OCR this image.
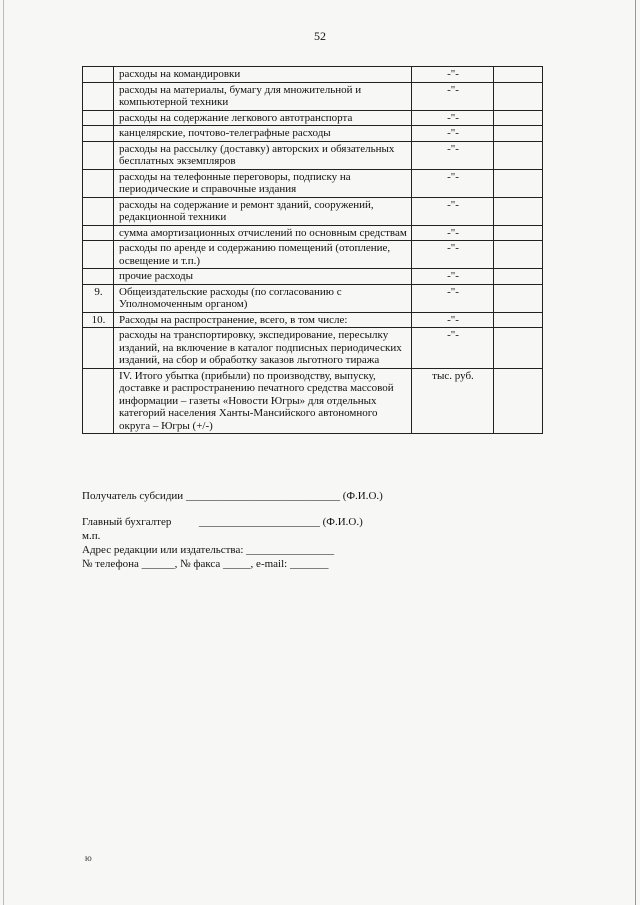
52
	расходы на командировки	-"-	
	расходы на материалы, бумагу для множительной и компьютерной техники	-"-	
	расходы на содержание легкового автотранспорта	-"-	
	канцелярские, почтово-телеграфные расходы	-"-	
	расходы на рассылку (доставку) авторских и обязательных бесплатных экземпляров	-"-	
	расходы на телефонные переговоры, подписку на периодические и справочные издания	-"-	
	расходы на содержание и ремонт зданий, сооружений, редакционной техники	-"-	
	сумма амортизационных отчислений по основным средствам	-"-	
	расходы по аренде и содержанию помещений (отопление, освещение и т.п.)	-"-	
	прочие расходы	-"-	
9.	Общеиздательские расходы (по согласованию с Уполномоченным органом)	-"-	
10.	Расходы на распространение, всего, в том числе:	-"-	
	расходы на транспортировку, экспедирование, пересылку изданий, на включение в каталог подписных периодических изданий, на сбор и обработку заказов льготного тиража	-"-	
	IV. Итого убытка (прибыли) по производству, выпуску, доставке и распространению печатного средства массовой информации – газеты «Новости Югры» для отдельных категорий населения Ханты-Мансийского автономного округа – Югры (+/-)	тыс. руб.	
Получатель субсидии ____________________________ (Ф.И.О.)
Главный бухгалтер          ______________________ (Ф.И.О.)
м.п.
Адрес редакции или издательства: ________________
№ телефона ______, № факса _____, e-mail: _______
ю
